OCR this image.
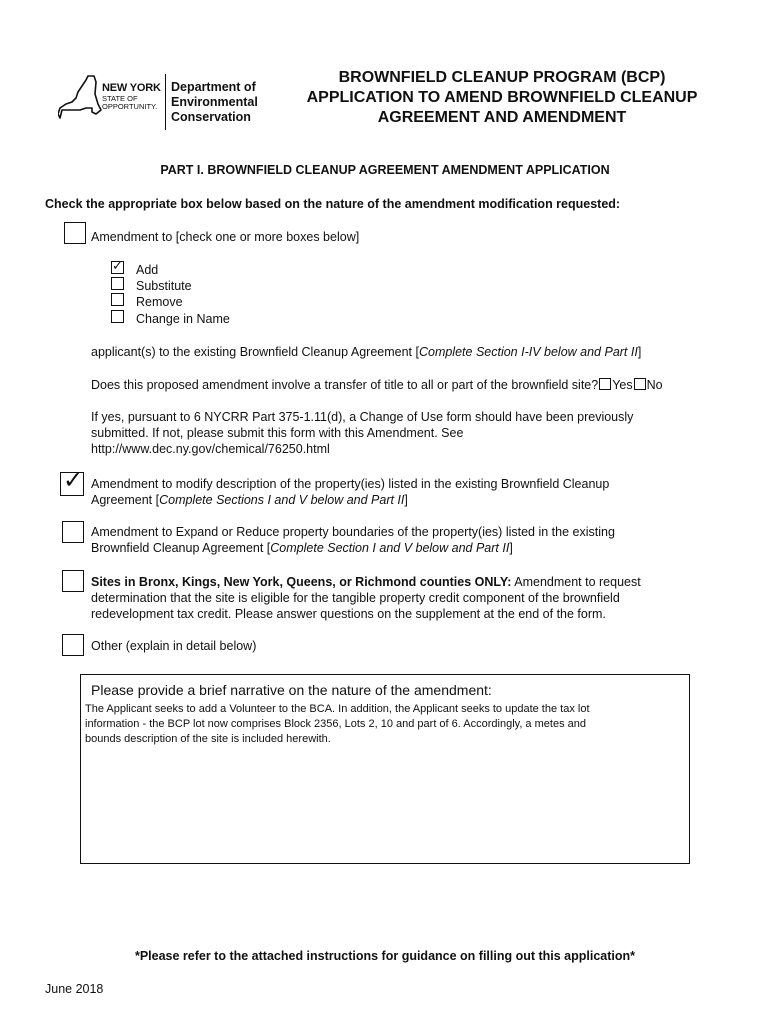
NEW YORK
STATE OF
OPPORTUNITY.
Department of
Environmental
Conservation
BROWNFIELD CLEANUP PROGRAM (BCP)
APPLICATION TO AMEND BROWNFIELD CLEANUP
AGREEMENT AND AMENDMENT
PART I. BROWNFIELD CLEANUP AGREEMENT AMENDMENT APPLICATION
Check the appropriate box below based on the nature of the amendment modification requested:
Amendment to [check one or more boxes below]
✓ Add
Substitute
Remove
Change in Name
applicant(s) to the existing Brownfield Cleanup Agreement [Complete Section I-IV below and Part II]
Does this proposed amendment involve a transfer of title to all or part of the brownfield site? Yes No
If yes, pursuant to 6 NYCRR Part 375-1.11(d), a Change of Use form should have been previously
submitted. If not, please submit this form with this Amendment. See
http://www.dec.ny.gov/chemical/76250.html
✓ Amendment to modify description of the property(ies) listed in the existing Brownfield Cleanup
Agreement [Complete Sections I and V below and Part II]
Amendment to Expand or Reduce property boundaries of the property(ies) listed in the existing
Brownfield Cleanup Agreement [Complete Section I and V below and Part II]
Sites in Bronx, Kings, New York, Queens, or Richmond counties ONLY: Amendment to request
determination that the site is eligible for the tangible property credit component of the brownfield
redevelopment tax credit. Please answer questions on the supplement at the end of the form.
Other (explain in detail below)
Please provide a brief narrative on the nature of the amendment:
The Applicant seeks to add a Volunteer to the BCA. In addition, the Applicant seeks to update the tax lot
information - the BCP lot now comprises Block 2356, Lots 2, 10 and part of 6. Accordingly, a metes and
bounds description of the site is included herewith.
*Please refer to the attached instructions for guidance on filling out this application*
June 2018
